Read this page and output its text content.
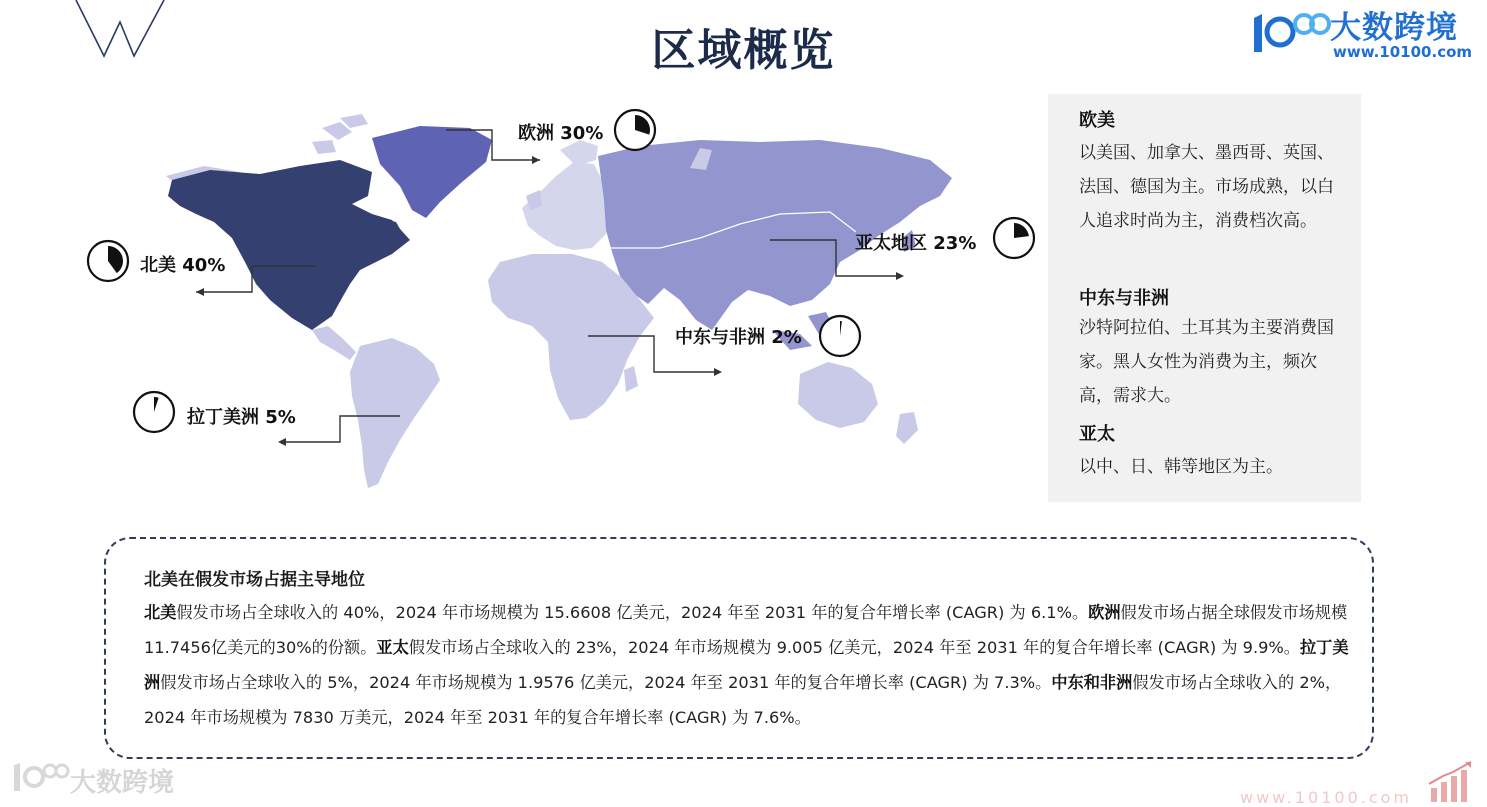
区域概览	大数跨境
www.10100.com
欧洲 30%
北美 40%
亚太地区 23%
中东与非洲 2%
拉丁美洲 5%
欧美
以美国、加拿大、墨西哥、英国、法国、德国为主。市场成熟，以白人追求时尚为主，消费档次高。
中东与非洲
沙特阿拉伯、土耳其为主要消费国家。黑人女性为消费为主，频次高，需求大。
亚太
以中、日、韩等地区为主。
北美在假发市场占据主导地位
北美假发市场占全球收入的 40%，2024 年市场规模为 15.6608 亿美元，2024 年至 2031 年的复合年增长率 (CAGR) 为 6.1%。欧洲假发市场占据全球假发市场规模11.7456亿美元的30%的份额。亚太假发市场占全球收入的 23%，2024 年市场规模为 9.005 亿美元，2024 年至 2031 年的复合年增长率 (CAGR) 为 9.9%。拉丁美洲假发市场占全球收入的 5%，2024 年市场规模为 1.9576 亿美元，2024 年至 2031 年的复合年增长率 (CAGR) 为 7.3%。中东和非洲假发市场占全球收入的 2%，2024 年市场规模为 7830 万美元，2024 年至 2031 年的复合年增长率 (CAGR) 为 7.6%。
大数跨境	www.10100.com
